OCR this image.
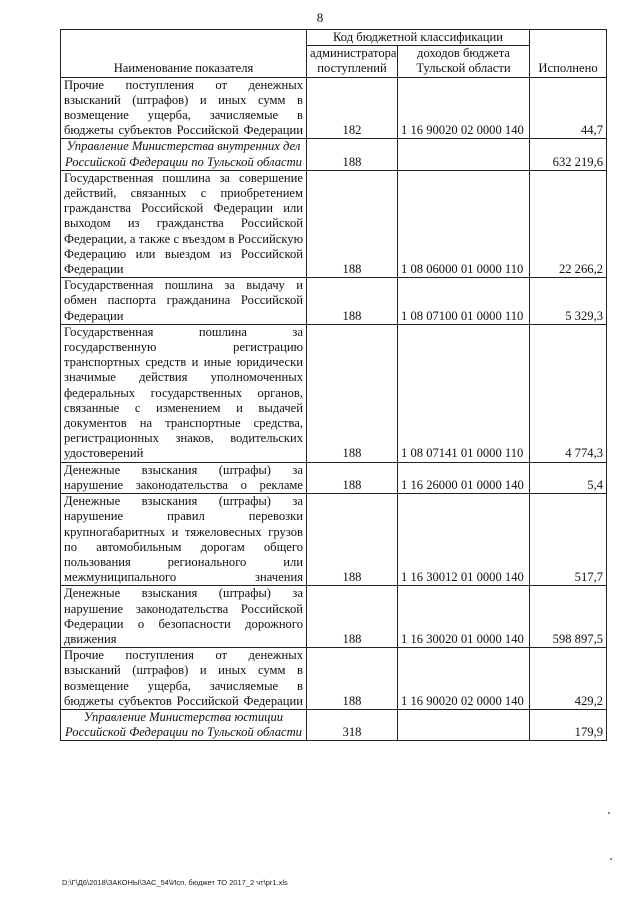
8
Наименование показателя	Код бюджетной классификации		Исполнено
	администратора поступлений	доходов бюджета Тульской области	
Прочие поступления от денежных взысканий (штрафов) и иных сумм в возмещение ущерба, зачисляемые в бюджеты субъектов Российской Федерации	182	1 16 90020 02 0000 140	44,7
Управление Министерства внутренних дел Российской Федерации по Тульской области	188		632 219,6
Государственная пошлина за совершение действий, связанных с приобретением гражданства Российской Федерации или выходом из гражданства Российской Федерации, а также с въездом в Российскую Федерацию или выездом из Российской Федерации	188	1 08 06000 01 0000 110	22 266,2
Государственная пошлина за выдачу и обмен паспорта гражданина Российской Федерации	188	1 08 07100 01 0000 110	5 329,3
Государственная пошлина за государственную регистрацию транспортных средств и иные юридически значимые действия уполномоченных федеральных государственных органов, связанные с изменением и выдачей документов на транспортные средства, регистрационных знаков, водительских удостоверений	188	1 08 07141 01 0000 110	4 774,3
Денежные взыскания (штрафы) за нарушение законодательства о рекламе	188	1 16 26000 01 0000 140	5,4
Денежные взыскания (штрафы) за нарушение правил перевозки крупногабаритных и тяжеловесных грузов по автомобильным дорогам общего пользования регионального или межмуниципального значения	188	1 16 30012 01 0000 140	517,7
Денежные взыскания (штрафы) за нарушение законодательства Российской Федерации о безопасности дорожного движения	188	1 16 30020 01 0000 140	598 897,5
Прочие поступления от денежных взысканий (штрафов) и иных сумм в возмещение ущерба, зачисляемые в бюджеты субъектов Российской Федерации	188	1 16 90020 02 0000 140	429,2
Управление Министерства юстиции Российской Федерации по Тульской области	318		179,9
D:\Г\Д6\2018\ЗАКОНЫ\ЗАС_54\Исп. бюджет ТО 2017_2 чт\pr1.xls
